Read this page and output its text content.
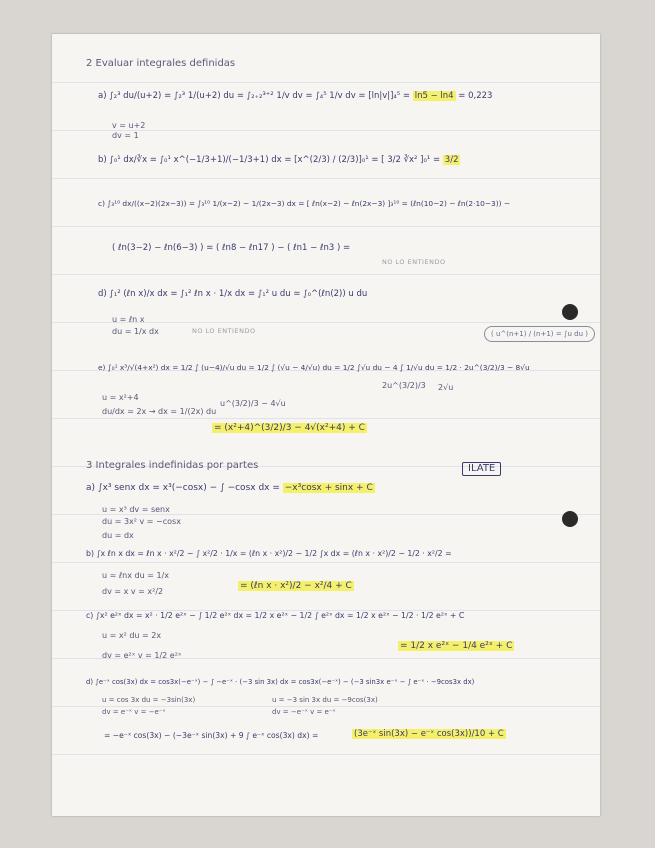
2 Evaluar integrales definidas
a) ∫₂³ du/(u+2) = ∫₂³ 1/(u+2) du = ∫₂₊₂³⁺² 1/v dv = ∫₄⁵ 1/v dv = [ln|v|]₄⁵ = ln5 − ln4 = 0,223
v = u+2
dv = 1
b) ∫₀¹ dx/∛x = ∫₀¹ x^(−1/3+1)/(−1/3+1) dx = [x^(2/3) / (2/3)]₀¹ = [ 3/2 ∛x² ]₀¹ = 3/2
c) ∫₃¹⁰ dx/((x−2)(2x−3)) = ∫₃¹⁰ 1/(x−2) − 1/(2x−3) dx = [ ℓn(x−2) − ℓn(2x−3) ]₃¹⁰ = (ℓn(10−2) − ℓn(2·10−3)) −
( ℓn(3−2) − ℓn(6−3) ) = ( ℓn8 − ℓn17 ) − ( ℓn1 − ℓn3 ) =
NO LO ENTIENDO
d) ∫₁² (ℓn x)/x dx = ∫₁² ℓn x · 1/x dx = ∫₁² u du = ∫₀^(ℓn(2)) u du
u = ℓn x
du = 1/x dx	NO LO ENTIENDO	( u^(n+1) / (n+1) = ∫u du )
e) ∫₀¹ x³/√(4+x²) dx = 1/2 ∫ (u−4)/√u du = 1/2 ∫ (√u − 4/√u) du = 1/2 ∫√u du − 4 ∫ 1/√u du = 1/2 · 2u^(3/2)/3 − 8√u
2u^(3/2)/3 2√u
u = x²+4
du/dx = 2x → dx = 1/(2x) du
u^(3/2)/3 − 4√u
= (x²+4)^(3/2)/3 − 4√(x²+4) + C
3 Integrales indefinidas por partes	ILATE
a) ∫x³ senx dx = x³(−cosx) − ∫ −cosx dx = −x³cosx + sinx + C
u = x³ dv = senx
du = 3x² v = −cosx
du = dx
b) ∫x ℓn x dx = ℓn x · x²/2 − ∫ x²/2 · 1/x = (ℓn x · x²)/2 − 1/2 ∫x dx = (ℓn x · x²)/2 − 1/2 · x²/2 =
u = ℓnx du = 1/x
dv = x v = x²/2
= (ℓn x · x²)/2 − x²/4 + C
c) ∫x² e²ˣ dx = x² · 1/2 e²ˣ − ∫ 1/2 e²ˣ dx = 1/2 x e²ˣ − 1/2 ∫ e²ˣ dx = 1/2 x e²ˣ − 1/2 · 1/2 e²ˣ + C
u = x² du = 2x
dv = e²ˣ v = 1/2 e²ˣ
= 1/2 x e²ˣ − 1/4 e²ˣ + C
d) ∫e⁻ˣ cos(3x) dx = cos3x(−e⁻ˣ) − ∫ −e⁻ˣ · (−3 sin 3x) dx = cos3x(−e⁻ˣ) − (−3 sin3x e⁻ˣ − ∫ e⁻ˣ · −9cos3x dx)
u = cos 3x du = −3sin(3x)
dv = e⁻ˣ v = −e⁻ˣ
u = −3 sin 3x du = −9cos(3x)
dv = −e⁻ˣ v = e⁻ˣ
= −e⁻ˣ cos(3x) − (−3e⁻ˣ sin(3x) + 9 ∫ e⁻ˣ cos(3x) dx) =	(3e⁻ˣ sin(3x) − e⁻ˣ cos(3x))/10 + C
